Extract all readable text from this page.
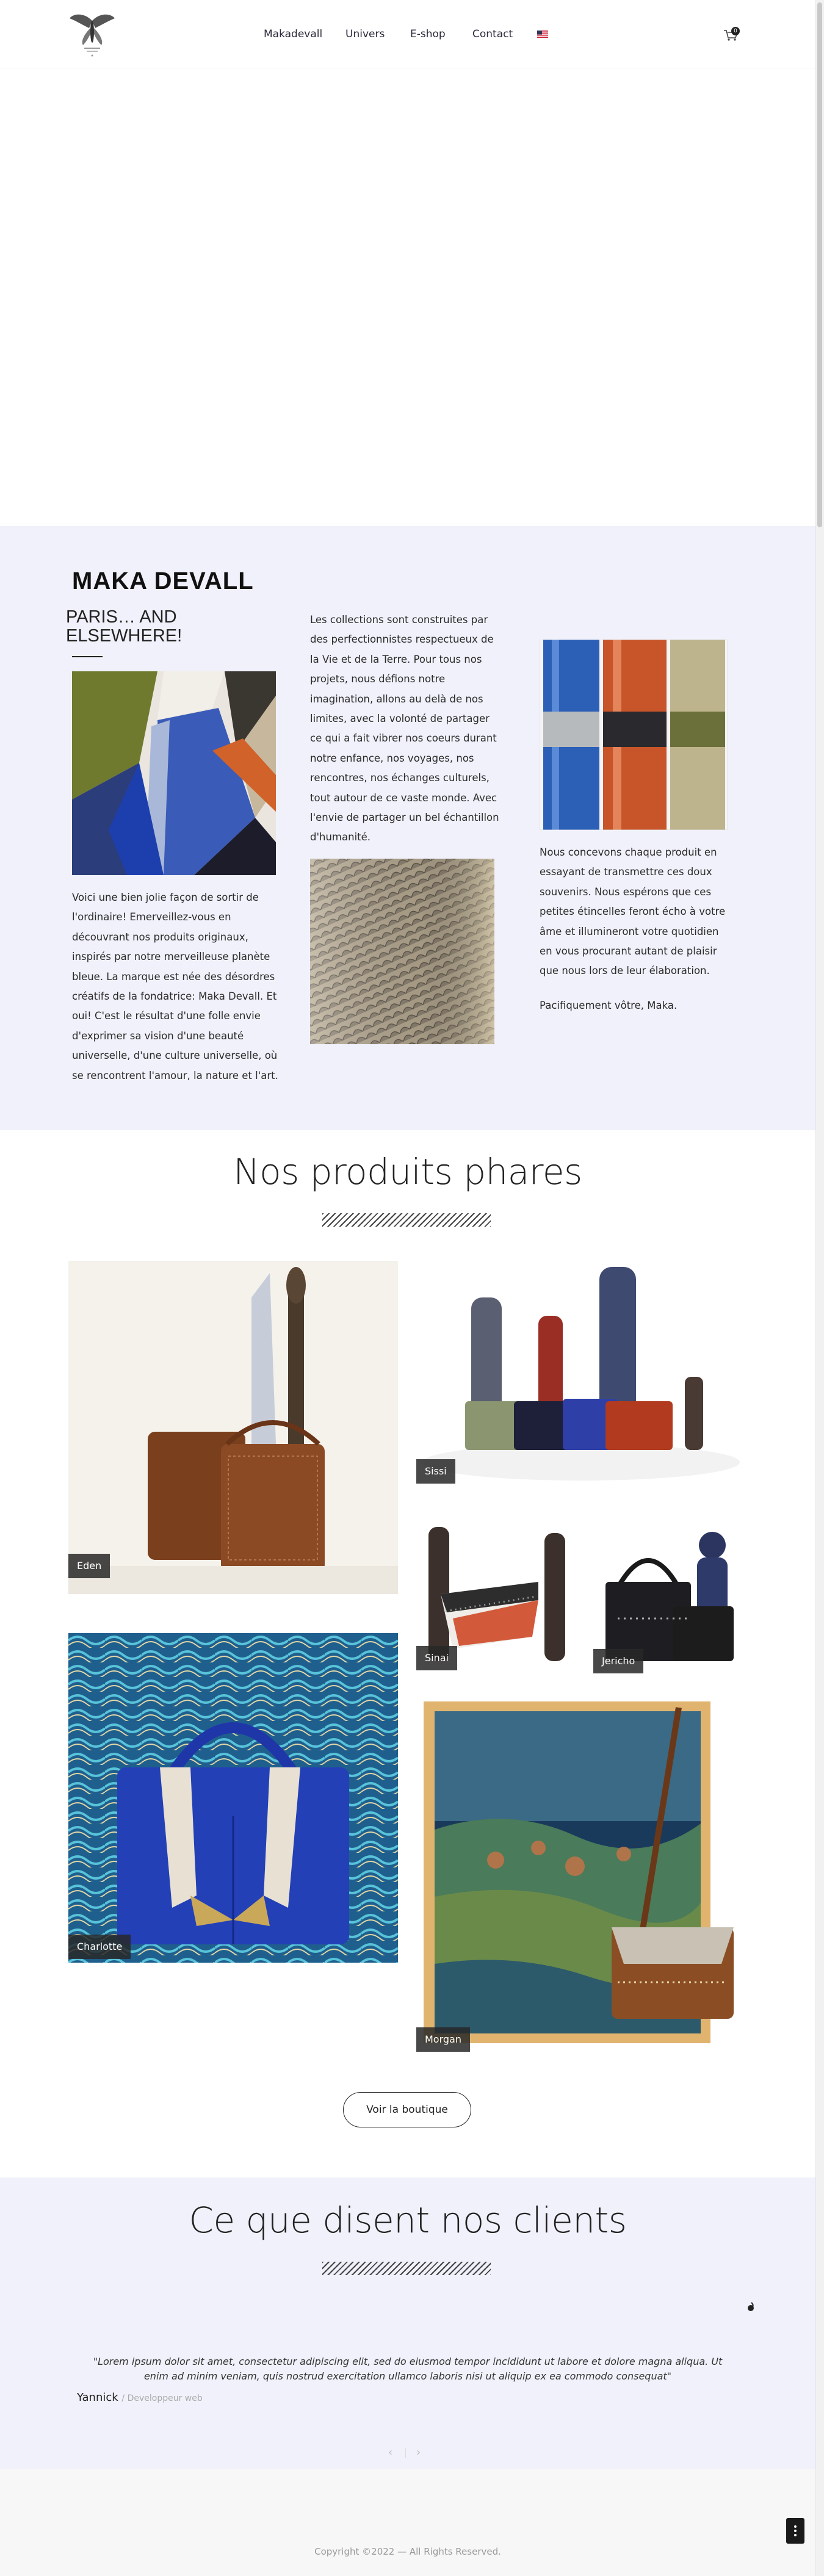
Makadevall Univers E-shop	Contact	0
MAKA DEVALL
PARIS… AND ELSEWHERE!
Voici une bien jolie façon de sortir de l'ordinaire! Emerveillez-vous en découvrant nos produits originaux, inspirés par notre merveilleuse planète bleue. La marque est née des désordres créatifs de la fondatrice: Maka Devall. Et oui! C'est le résultat d'une folle envie d'exprimer sa vision d'une beauté universelle, d'une culture universelle, où se rencontrent l'amour, la nature et l'art.
Les collections sont construites par des perfectionnistes respectueux de la Vie et de la Terre. Pour tous nos projets, nous défions notre imagination, allons au delà de nos limites, avec la volonté de partager ce qui a fait vibrer nos coeurs durant notre enfance, nos voyages, nos rencontres, nos échanges culturels, tout autour de ce vaste monde. Avec l'envie de partager un bel échantillon d'humanité.
Nous concevons chaque produit en essayant de transmettre ces doux souvenirs. Nous espérons que ces petites étincelles feront écho à votre âme et illumineront votre quotidien en vous procurant autant de plaisir que nous lors de leur élaboration.
Pacifiquement vôtre, Maka.
Nos produits phares
Eden
Sissi
Sinai	Jericho
Charlotte
Morgan
Voir la boutique
Ce que disent nos clients
"Lorem ipsum dolor sit amet, consectetur adipiscing elit, sed do eiusmod tempor incididunt ut labore et dolore magna aliqua. Ut enim ad minim veniam, quis nostrud exercitation ullamco laboris nisi ut aliquip ex ea commodo consequat"
Yannick / Developpeur web
‹ ›
Copyright ©2022 — All Rights Reserved.
